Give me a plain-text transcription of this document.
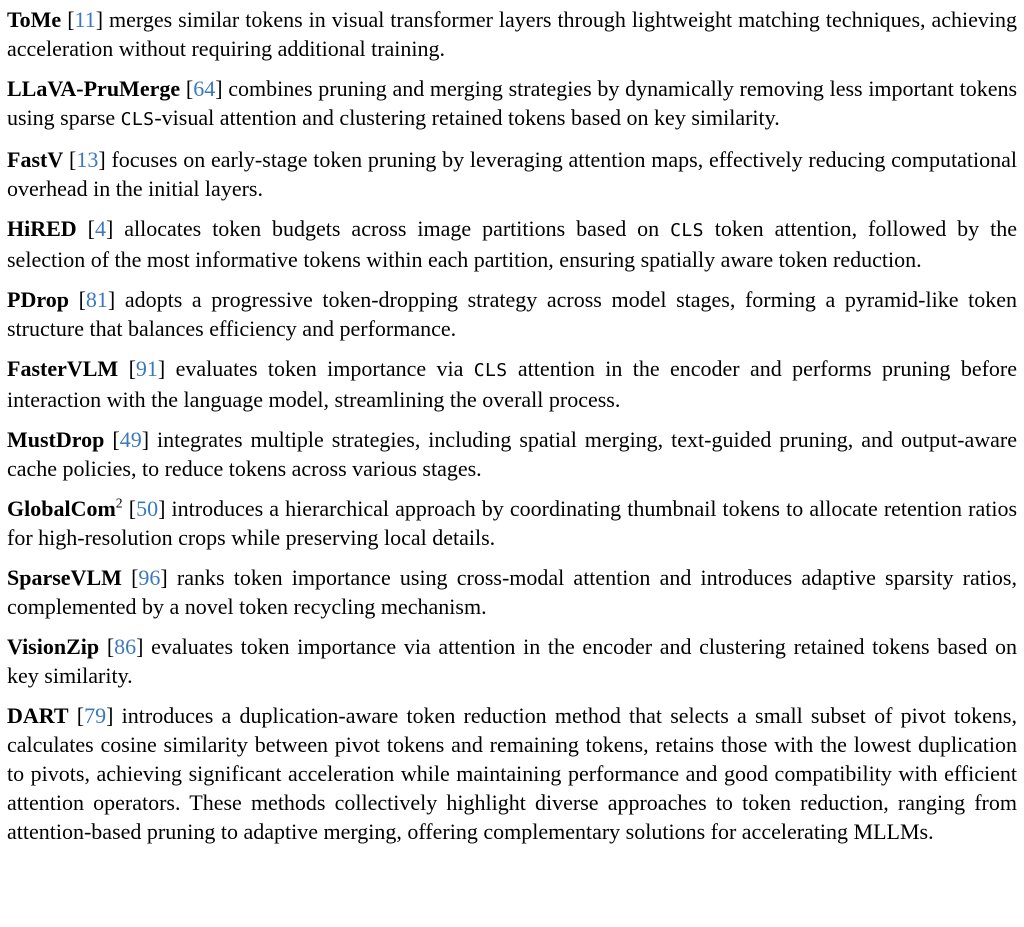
ToMe [11] merges similar tokens in visual transformer layers through lightweight matching techniques, achieving acceleration without requiring additional training.

LLaVA-PruMerge [64] combines pruning and merging strategies by dynamically removing less important tokens using sparse CLS-visual attention and clustering retained tokens based on key similarity.

FastV [13] focuses on early-stage token pruning by leveraging attention maps, effectively reducing computational overhead in the initial layers.

HiRED [4] allocates token budgets across image partitions based on CLS token attention, followed by the selection of the most informative tokens within each partition, ensuring spatially aware token reduction.

PDrop [81] adopts a progressive token-dropping strategy across model stages, forming a pyramid-like token structure that balances efficiency and performance.

FasterVLM [91] evaluates token importance via CLS attention in the encoder and performs pruning before interaction with the language model, streamlining the overall process.

MustDrop [49] integrates multiple strategies, including spatial merging, text-guided pruning, and output-aware cache policies, to reduce tokens across various stages.

GlobalCom$^2$ [50] introduces a hierarchical approach by coordinating thumbnail tokens to allocate retention ratios for high-resolution crops while preserving local details.

SparseVLM [96] ranks token importance using cross-modal attention and introduces adaptive sparsity ratios, complemented by a novel token recycling mechanism.

VisionZip [86] evaluates token importance via attention in the encoder and clustering retained tokens based on key similarity.

DART [79] introduces a duplication-aware token reduction method that selects a small subset of pivot tokens, calculates cosine similarity between pivot tokens and remaining tokens, retains those with the lowest duplication to pivots, achieving significant acceleration while maintaining performance and good compatibility with efficient attention operators. These methods collectively highlight diverse approaches to token reduction, ranging from attention-based pruning to adaptive merging, offering complementary solutions for accelerating MLLMs.
